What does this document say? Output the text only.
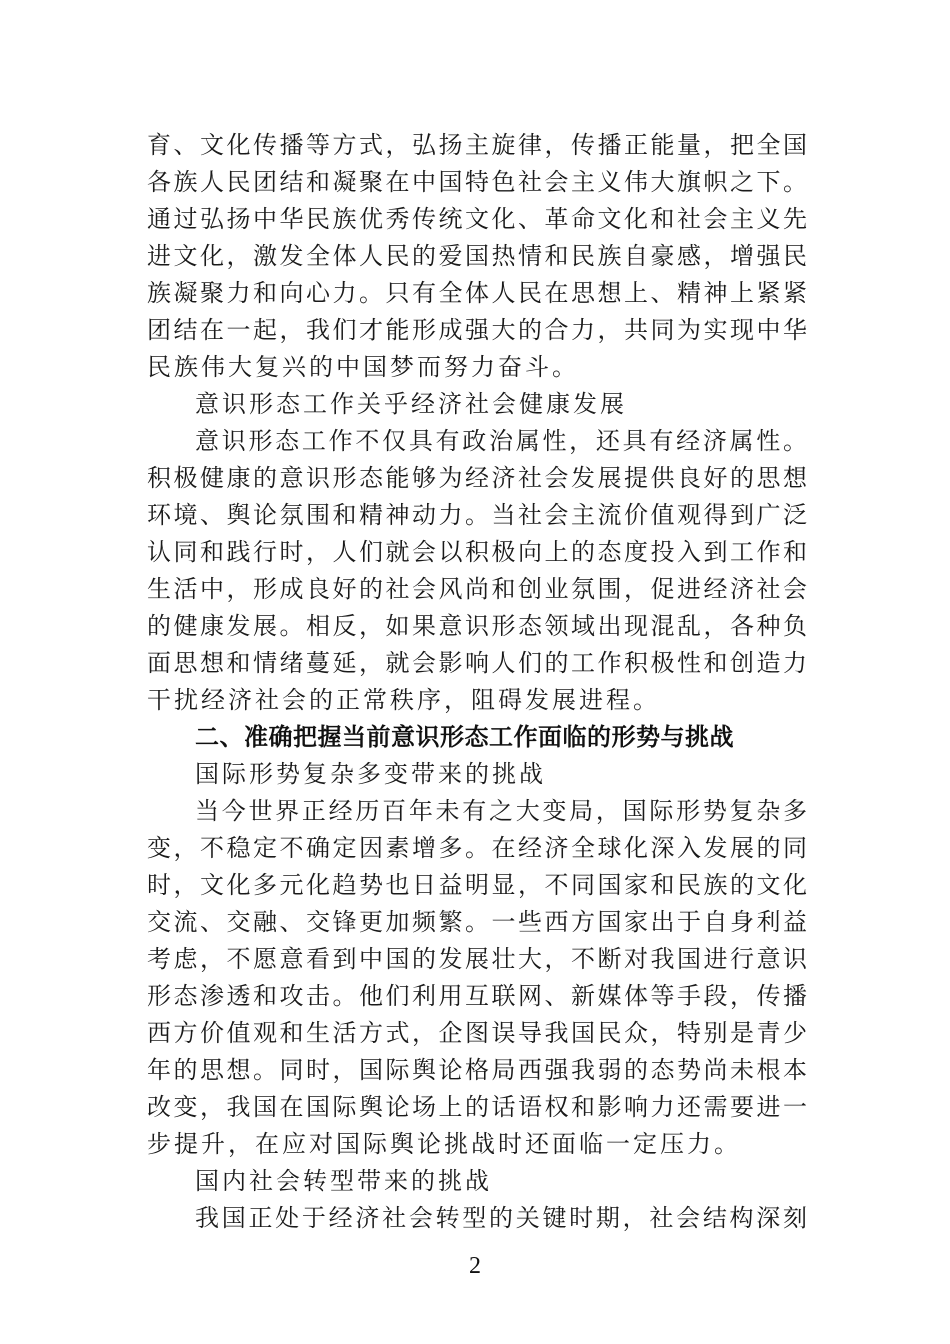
育、文化传播等方式，弘扬主旋律，传播正能量，把全国
各族人民团结和凝聚在中国特色社会主义伟大旗帜之下。
通过弘扬中华民族优秀传统文化、革命文化和社会主义先
进文化，激发全体人民的爱国热情和民族自豪感，增强民
族凝聚力和向心力。只有全体人民在思想上、精神上紧紧
团结在一起，我们才能形成强大的合力，共同为实现中华
民族伟大复兴的中国梦而努力奋斗。
意识形态工作关乎经济社会健康发展
意识形态工作不仅具有政治属性，还具有经济属性。
积极健康的意识形态能够为经济社会发展提供良好的思想
环境、舆论氛围和精神动力。当社会主流价值观得到广泛
认同和践行时，人们就会以积极向上的态度投入到工作和
生活中，形成良好的社会风尚和创业氛围，促进经济社会
的健康发展。相反，如果意识形态领域出现混乱，各种负
面思想和情绪蔓延，就会影响人们的工作积极性和创造力
干扰经济社会的正常秩序，阻碍发展进程。
二、准确把握当前意识形态工作面临的形势与挑战
国际形势复杂多变带来的挑战
当今世界正经历百年未有之大变局，国际形势复杂多
变，不稳定不确定因素增多。在经济全球化深入发展的同
时，文化多元化趋势也日益明显，不同国家和民族的文化
交流、交融、交锋更加频繁。一些西方国家出于自身利益
考虑，不愿意看到中国的发展壮大，不断对我国进行意识
形态渗透和攻击。他们利用互联网、新媒体等手段，传播
西方价值观和生活方式，企图误导我国民众，特别是青少
年的思想。同时，国际舆论格局西强我弱的态势尚未根本
改变，我国在国际舆论场上的话语权和影响力还需要进一
步提升，在应对国际舆论挑战时还面临一定压力。
国内社会转型带来的挑战
我国正处于经济社会转型的关键时期，社会结构深刻
2
